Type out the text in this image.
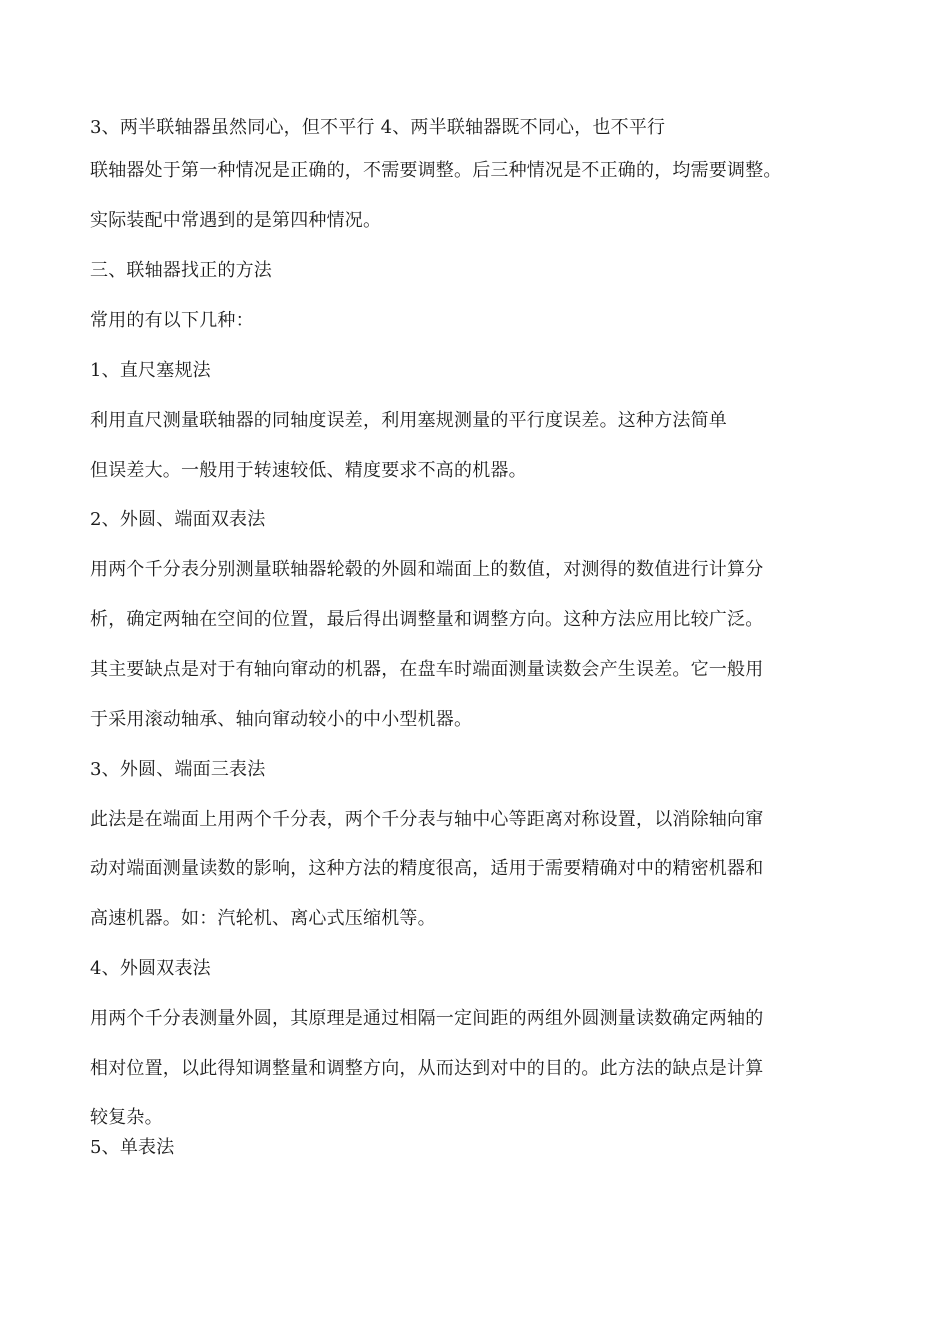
3、两半联轴器虽然同心，但不平行 4、两半联轴器既不同心，也不平行
联轴器处于第一种情况是正确的，不需要调整。后三种情况是不正确的，均需要调整。
实际装配中常遇到的是第四种情况。
三、联轴器找正的方法
常用的有以下几种：
1、直尺塞规法
利用直尺测量联轴器的同轴度误差，利用塞规测量的平行度误差。这种方法简单
但误差大。一般用于转速较低、精度要求不高的机器。
2、外圆、端面双表法
用两个千分表分别测量联轴器轮毂的外圆和端面上的数值，对测得的数值进行计算分
析，确定两轴在空间的位置，最后得出调整量和调整方向。这种方法应用比较广泛。
其主要缺点是对于有轴向窜动的机器，在盘车时端面测量读数会产生误差。它一般用
于采用滚动轴承、轴向窜动较小的中小型机器。
3、外圆、端面三表法
此法是在端面上用两个千分表，两个千分表与轴中心等距离对称设置，以消除轴向窜
动对端面测量读数的影响，这种方法的精度很高，适用于需要精确对中的精密机器和
高速机器。如：汽轮机、离心式压缩机等。
4、外圆双表法
用两个千分表测量外圆，其原理是通过相隔一定间距的两组外圆测量读数确定两轴的
相对位置，以此得知调整量和调整方向，从而达到对中的目的。此方法的缺点是计算
较复杂。
5、单表法
